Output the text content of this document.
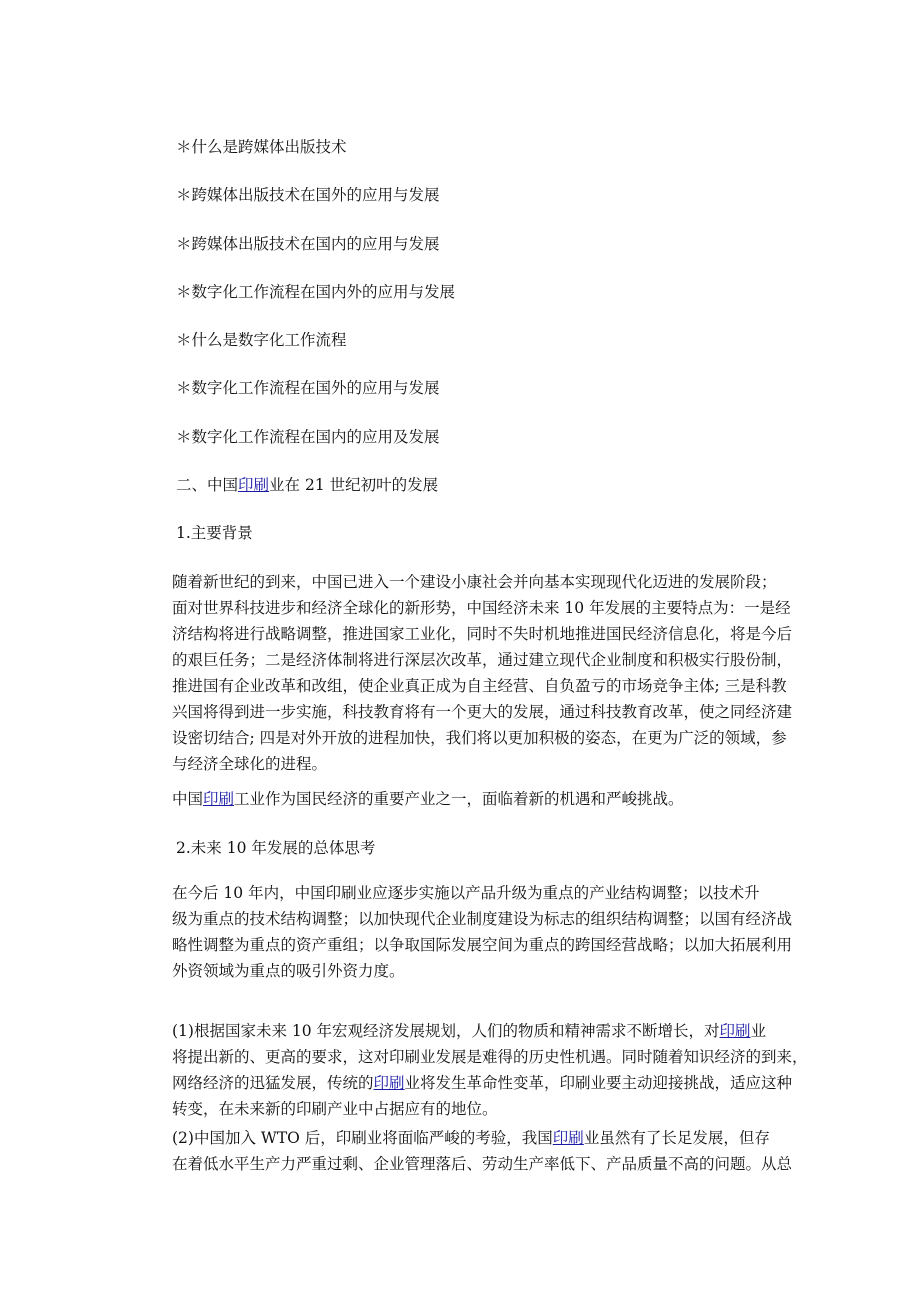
＊什么是跨媒体出版技术
＊跨媒体出版技术在国外的应用与发展
＊跨媒体出版技术在国内的应用与发展
＊数字化工作流程在国内外的应用与发展
＊什么是数字化工作流程
＊数字化工作流程在国外的应用与发展
＊数字化工作流程在国内的应用及发展
二、中国印刷业在 21 世纪初叶的发展
1.主要背景
随着新世纪的到来，中国已进入一个建设小康社会并向基本实现现代化迈进的发展阶段；
面对世界科技进步和经济全球化的新形势，中国经济未来 10 年发展的主要特点为：一是经
济结构将进行战略调整，推进国家工业化，同时不失时机地推进国民经济信息化，将是今后
的艰巨任务；二是经济体制将进行深层次改革，通过建立现代企业制度和积极实行股份制，
推进国有企业改革和改组，使企业真正成为自主经营、自负盈亏的市场竞争主体; 三是科教
兴国将得到进一步实施，科技教育将有一个更大的发展，通过科技教育改革，使之同经济建
设密切结合; 四是对外开放的进程加快，我们将以更加积极的姿态，在更为广泛的领域，参
与经济全球化的进程。
中国印刷工业作为国民经济的重要产业之一，面临着新的机遇和严峻挑战。
2.未来 10 年发展的总体思考
在今后 10 年内，中国印刷业应逐步实施以产品升级为重点的产业结构调整；以技术升
级为重点的技术结构调整；以加快现代企业制度建设为标志的组织结构调整；以国有经济战
略性调整为重点的资产重组；以争取国际发展空间为重点的跨国经营战略；以加大拓展利用
外资领域为重点的吸引外资力度。
(1)根据国家未来 10 年宏观经济发展规划，人们的物质和精神需求不断增长，对印刷业
将提出新的、更高的要求，这对印刷业发展是难得的历史性机遇。同时随着知识经济的到来，
网络经济的迅猛发展，传统的印刷业将发生革命性变革，印刷业要主动迎接挑战，适应这种
转变，在未来新的印刷产业中占据应有的地位。
(2)中国加入 WTO 后，印刷业将面临严峻的考验，我国印刷业虽然有了长足发展，但存
在着低水平生产力严重过剩、企业管理落后、劳动生产率低下、产品质量不高的问题。从总
